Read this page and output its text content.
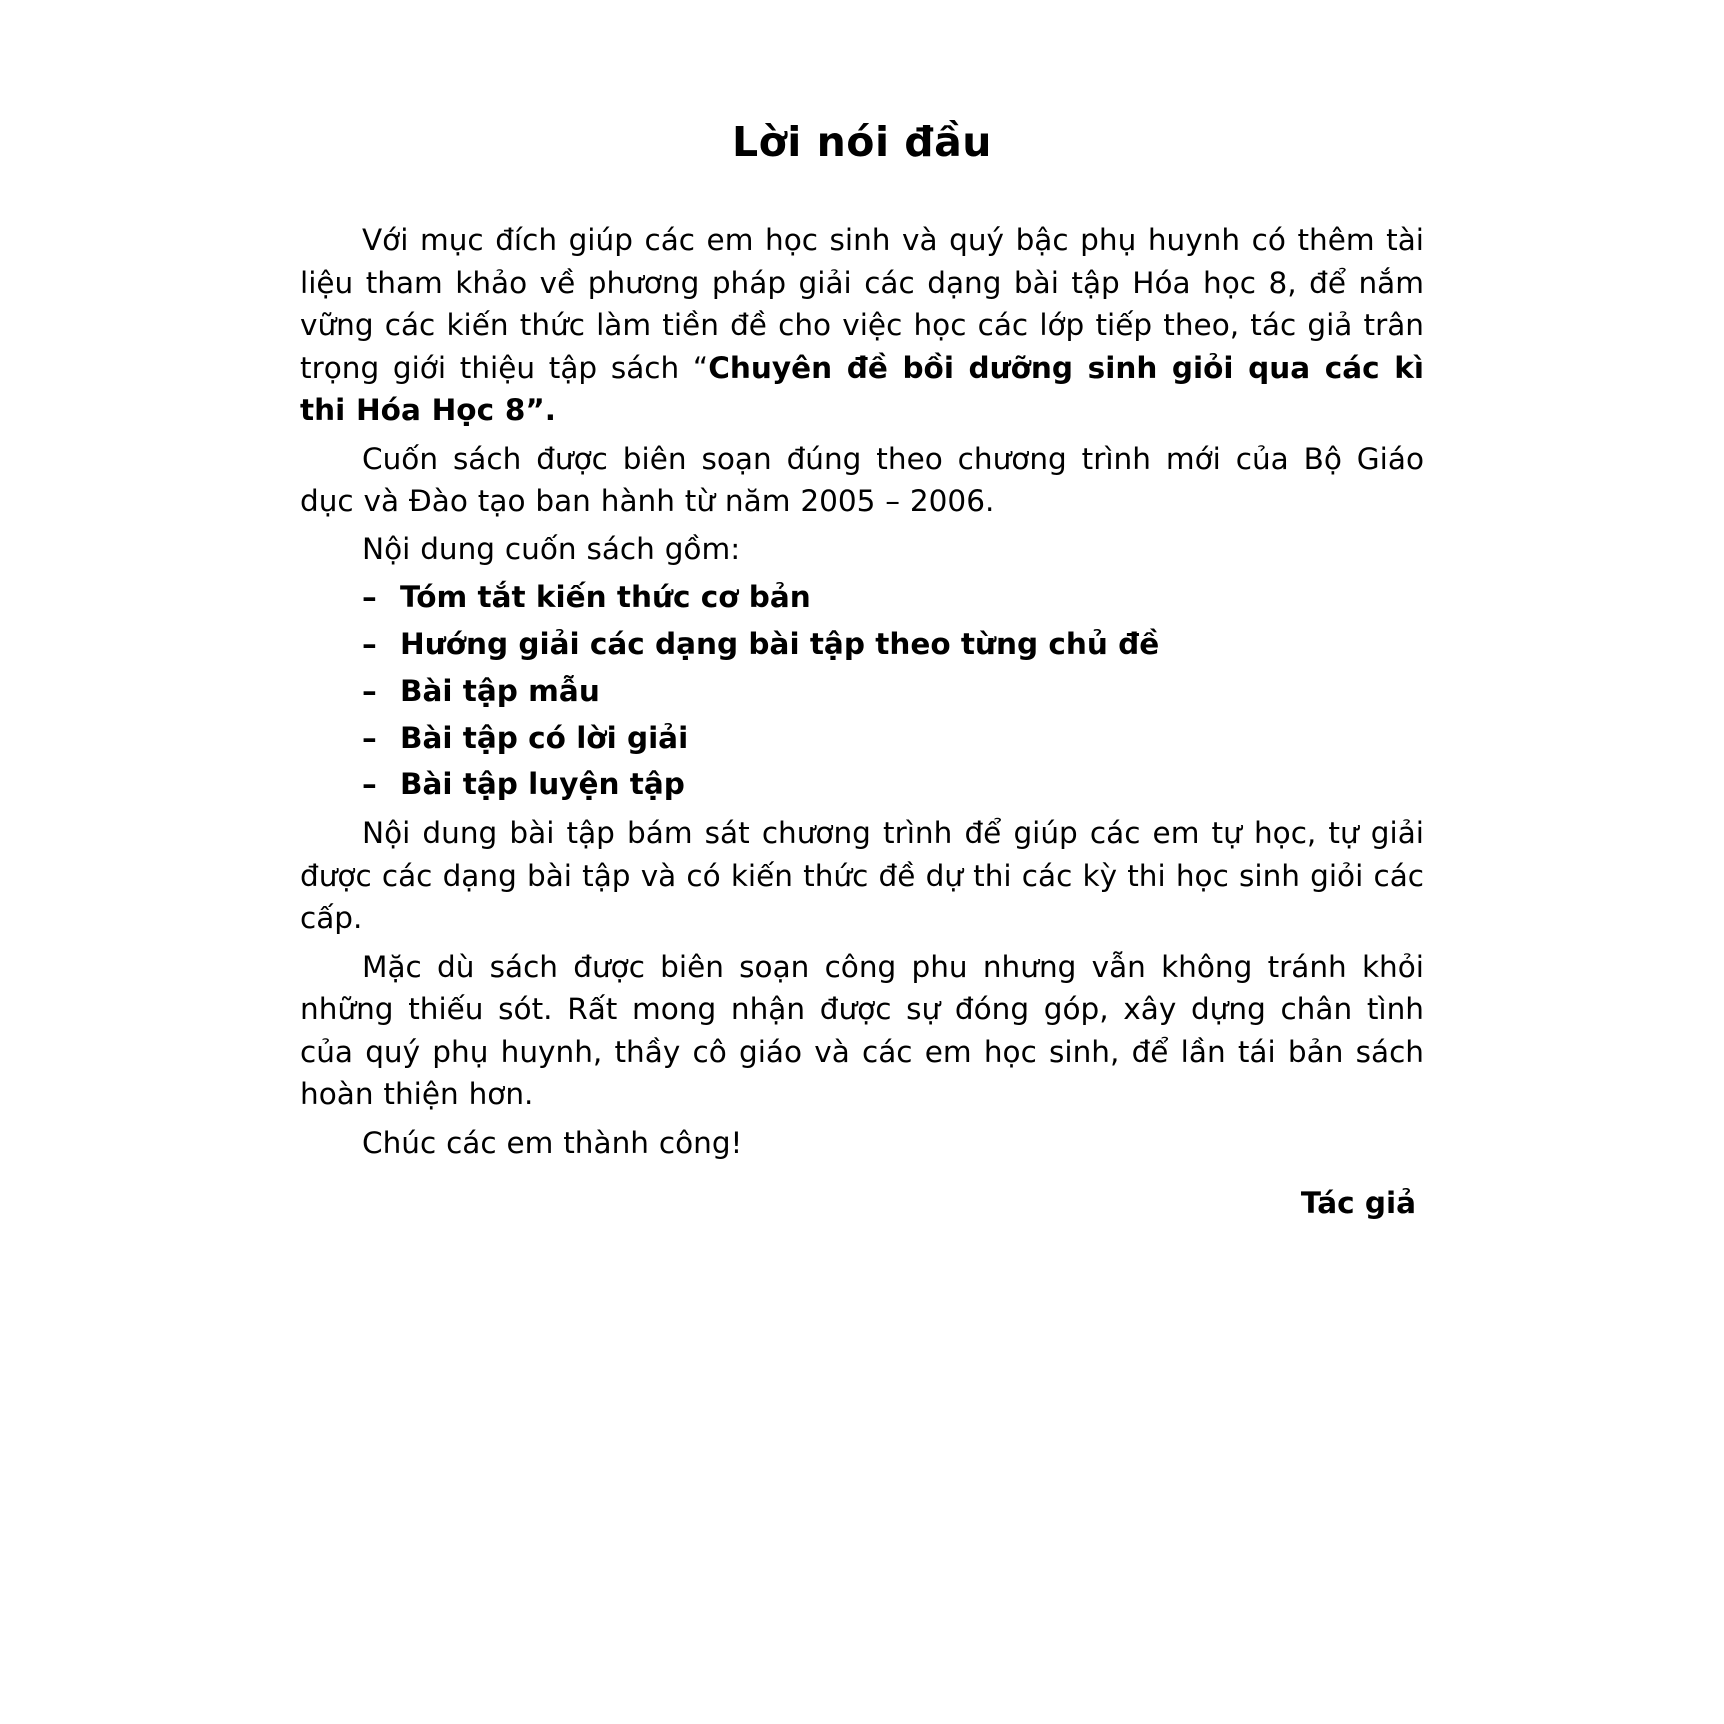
Lời nói đầu

Với mục đích giúp các em học sinh và quý bậc phụ huynh có thêm tài liệu tham khảo về phương pháp giải các dạng bài tập Hóa học 8, để nắm vững các kiến thức làm tiền đề cho việc học các lớp tiếp theo, tác giả trân trọng giới thiệu tập sách “Chuyên đề bồi dưỡng sinh giỏi qua các kì thi Hóa Học 8”.

Cuốn sách được biên soạn đúng theo chương trình mới của Bộ Giáo dục và Đào tạo ban hành từ năm 2005 – 2006.

Nội dung cuốn sách gồm:

– Tóm tắt kiến thức cơ bản
– Hướng giải các dạng bài tập theo từng chủ đề
– Bài tập mẫu
– Bài tập có lời giải
– Bài tập luyện tập

Nội dung bài tập bám sát chương trình để giúp các em tự học, tự giải được các dạng bài tập và có kiến thức đề dự thi các kỳ thi học sinh giỏi các cấp.

Mặc dù sách được biên soạn công phu nhưng vẫn không tránh khỏi những thiếu sót. Rất mong nhận được sự đóng góp, xây dựng chân tình của quý phụ huynh, thầy cô giáo và các em học sinh, để lần tái bản sách hoàn thiện hơn.

Chúc các em thành công!

Tác giả
